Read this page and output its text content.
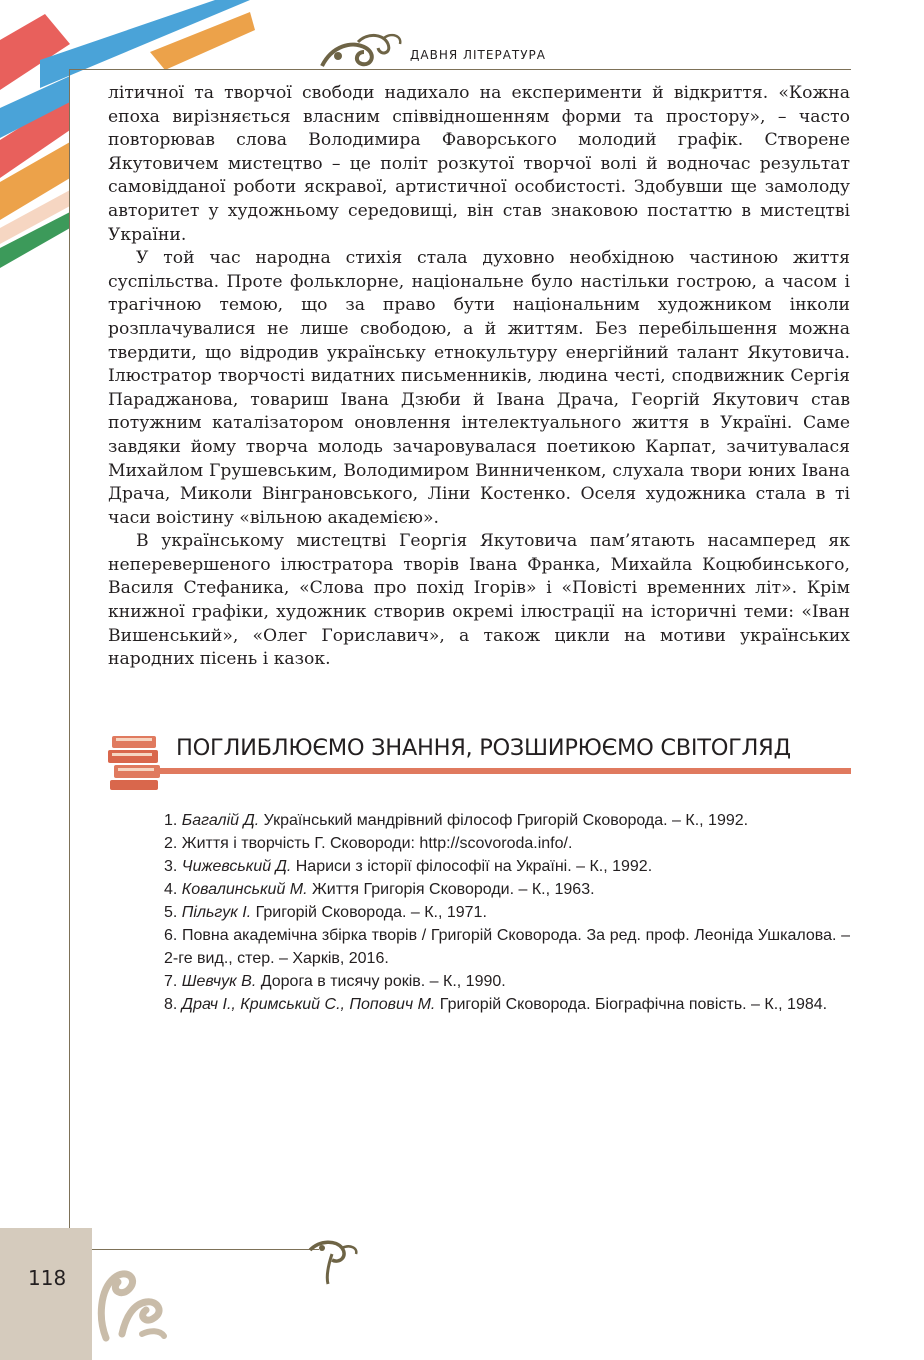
ДАВНЯ ЛІТЕРАТУРА

літичної та творчої свободи надихало на експерименти й відкриття. «Кожна епоха вирізняється власним співвідношенням форми та простору», – часто повторював слова Володимира Фаворського молодий графік. Створене Якутовичем мистецтво – це політ розкутої творчої волі й водночас результат самовідданої роботи яскравої, артистичної особистості. Здобувши ще замолоду авторитет у художньому середовищі, він став знаковою постаттю в мистецтві України.

У той час народна стихія стала духовно необхідною частиною життя суспільства. Проте фольклорне, національне було настільки гострою, а часом і трагічною темою, що за право бути національним художником інколи розплачувалися не лише свободою, а й життям. Без перебільшення можна твердити, що відродив українську етнокультуру енергійний талант Якутовича. Ілюстратор творчості видатних письменників, людина честі, сподвижник Сергія Параджанова, товариш Івана Дзюби й Івана Драча, Георгій Якутович став потужним каталізатором оновлення інтелектуального життя в Україні. Саме завдяки йому творча молодь зачаровувалася поетикою Карпат, зачитувалася Михайлом Грушевським, Володимиром Винниченком, слухала твори юних Івана Драча, Миколи Вінграновського, Ліни Костенко. Оселя художника стала в ті часи воістину «вільною академією».

В українському мистецтві Георгія Якутовича пам’ятають насамперед як неперевершеного ілюстратора творів Івана Франка, Михайла Коцюбинського, Василя Стефаника, «Слова про похід Ігорів» і «Повісті временних літ». Крім книжної графіки, художник створив окремі ілюстрації на історичні теми: «Іван Вишенський», «Олег Гориславич», а також цикли на мотиви українських народних пісень і казок.

ПОГЛИБЛЮЄМО ЗНАННЯ, РОЗШИРЮЄМО СВІТОГЛЯД
1. Багалій Д. Український мандрівний філософ Григорій Сковорода. – К., 1992.
2. Життя і творчість Г. Сковороди: http://scovoroda.info/.
3. Чижевський Д. Нариси з історії філософії на Україні. – К., 1992.
4. Ковалинський М. Життя Григорія Сковороди. – К., 1963.
5. Пільгук І. Григорій Сковорода. – К., 1971.
6. Повна академічна збірка творів / Григорій Сковорода. За ред. проф. Леоніда Ушкалова. – 2-ге вид., стер. – Харків, 2016.
7. Шевчук В. Дорога в тисячу років. – К., 1990.
8. Драч І., Кримський С., Попович М. Григорій Сковорода. Біографічна повість. – К., 1984.
118
